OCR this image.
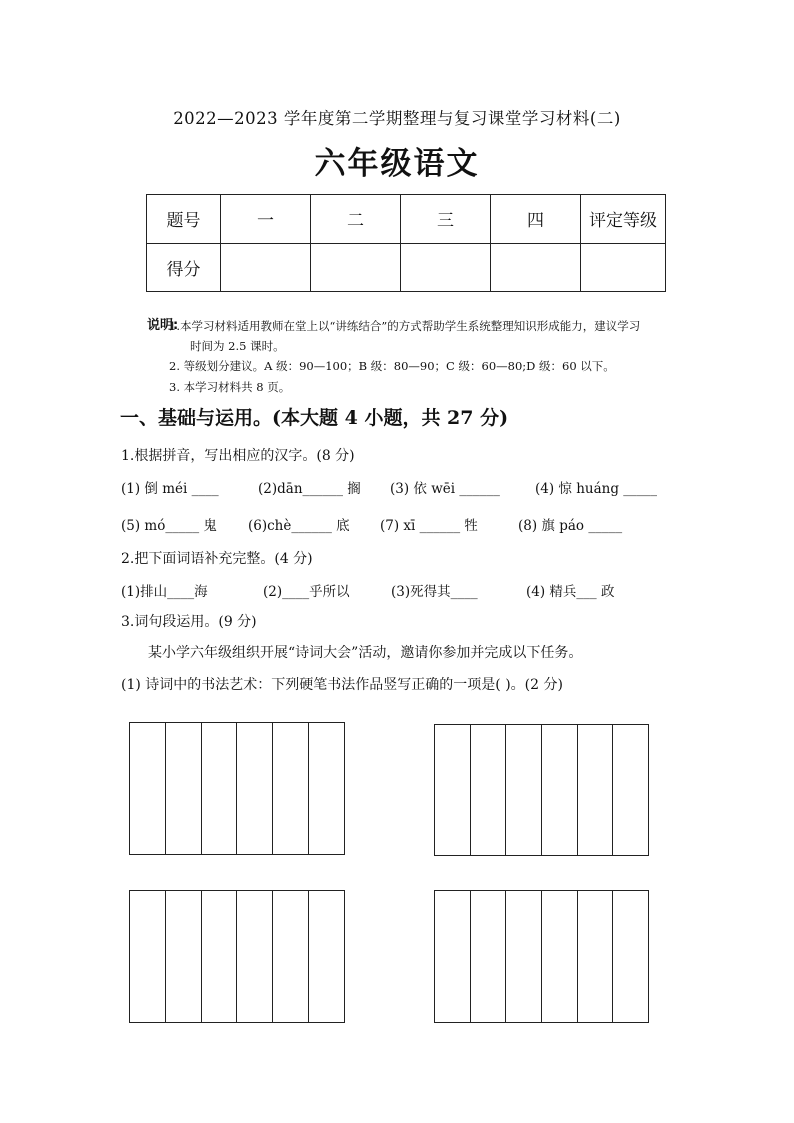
2022—2023 学年度第二学期整理与复习课堂学习材料(二)
六年级语文
题号	一	二	三	四	评定等级
得分					
说明:
1.本学习材料适用教师在堂上以“讲练结合”的方式帮助学生系统整理知识形成能力，建议学习
时间为 2.5 课时。
2. 等级划分建议。A 级：90—100；B 级：80—90；C 级：60—80;D 级：60 以下。
3. 本学习材料共 8 页。
一、基础与运用。(本大题 4 小题，共 27 分)
1.根据拼音，写出相应的汉字。(8 分)
(1) 倒 méi ____	(2)dān______ 搁 (3) 依 wēi ______	(4) 惊 huáng _____
(5) mó_____ 鬼 (6)chè______ 底 (7) xī ______ 牲	(8) 旗 páo _____
2.把下面词语补充完整。(4 分)
(1)排山____海	(2)____乎所以	(3)死得其____	(4) 精兵___ 政
3.词句段运用。(9 分)
某小学六年级组织开展“诗词大会”活动，邀请你参加并完成以下任务。
(1) 诗词中的书法艺术：下列硬笔书法作品竖写正确的一项是( )。(2 分)
